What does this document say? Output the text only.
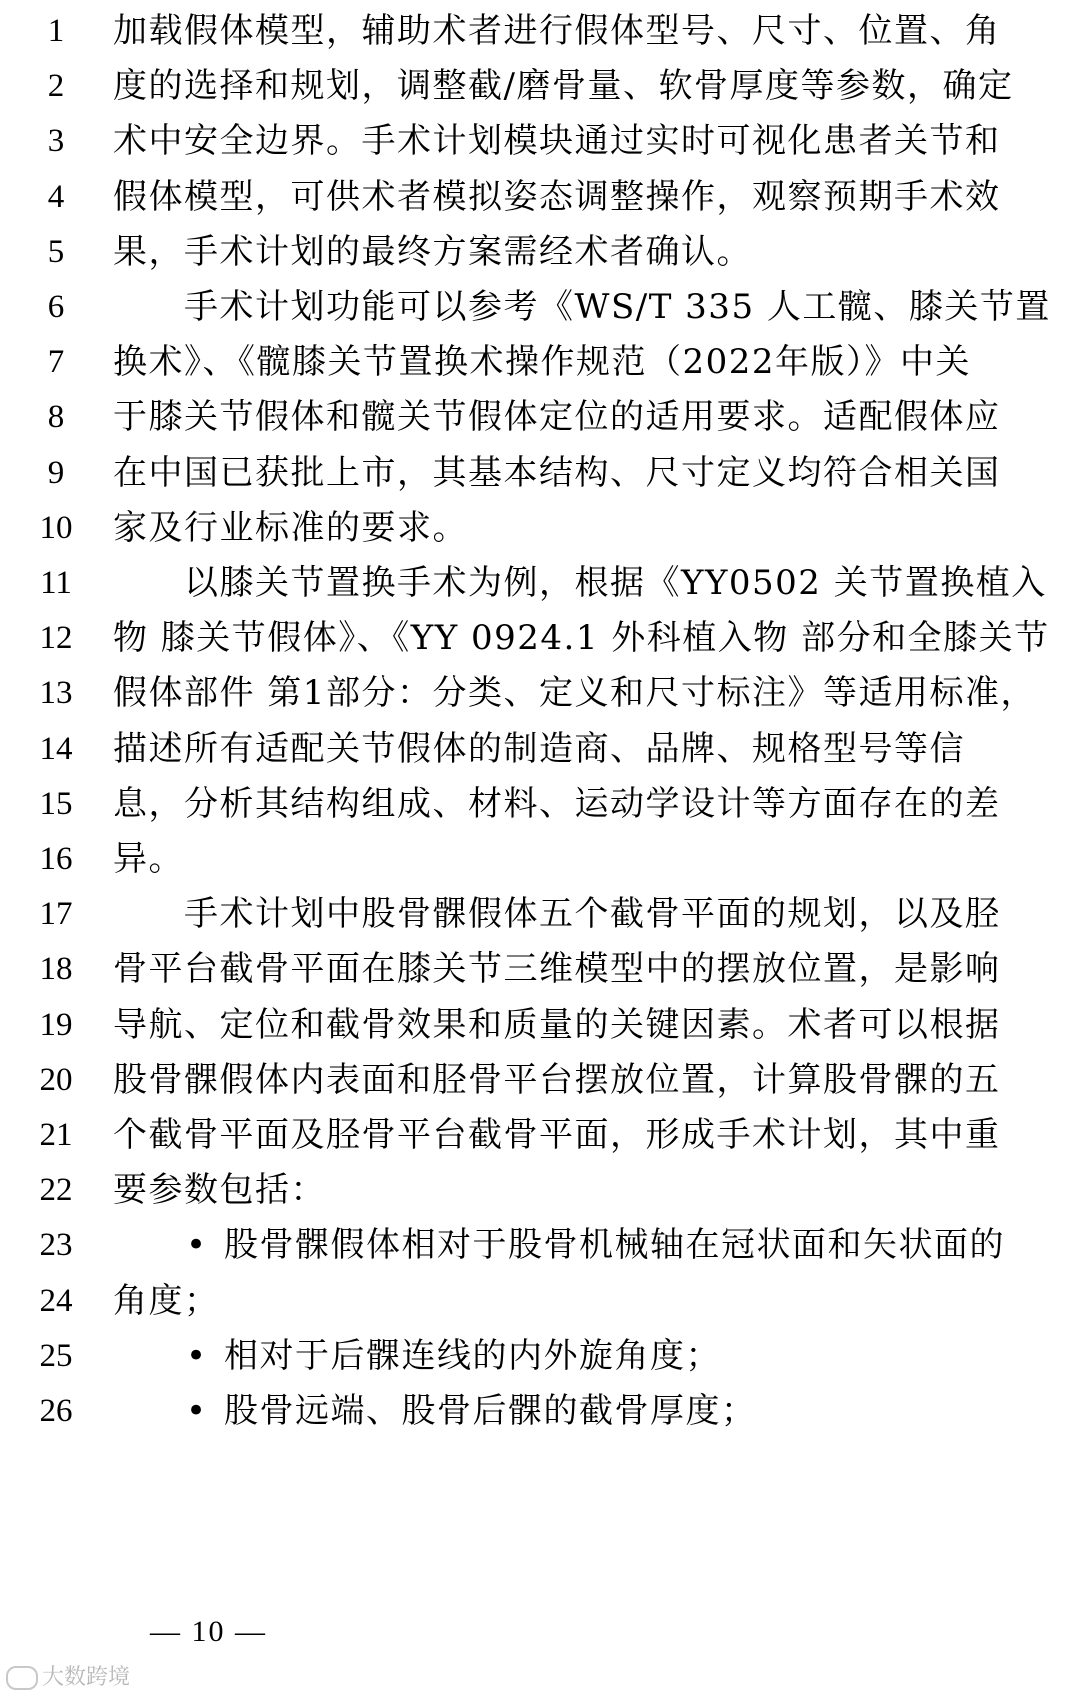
1	加载假体模型，辅助术者进行假体型号、尺寸、位置、角
2	度的选择和规划，调整截/磨骨量、软骨厚度等参数，确定
3	术中安全边界。手术计划模块通过实时可视化患者关节和
4	假体模型，可供术者模拟姿态调整操作，观察预期手术效
5	果，手术计划的最终方案需经术者确认。
6	手术计划功能可以参考《WS/T 335 人工髋、膝关节置
7	换术》、《髋膝关节置换术操作规范（2022年版）》中关
8	于膝关节假体和髋关节假体定位的适用要求。适配假体应
9	在中国已获批上市，其基本结构、尺寸定义均符合相关国
10	家及行业标准的要求。
11	以膝关节置换手术为例，根据《YY0502 关节置换植入
12	物 膝关节假体》、《YY 0924.1 外科植入物 部分和全膝关节
13	假体部件 第1部分：分类、定义和尺寸标注》等适用标准，
14	描述所有适配关节假体的制造商、品牌、规格型号等信
15	息，分析其结构组成、材料、运动学设计等方面存在的差
16	异。
17	手术计划中股骨髁假体五个截骨平面的规划，以及胫
18	骨平台截骨平面在膝关节三维模型中的摆放位置，是影响
19	导航、定位和截骨效果和质量的关键因素。术者可以根据
20	股骨髁假体内表面和胫骨平台摆放位置，计算股骨髁的五
21	个截骨平面及胫骨平台截骨平面，形成手术计划，其中重
22	要参数包括：
23	• 股骨髁假体相对于股骨机械轴在冠状面和矢状面的
24	角度；
25	• 相对于后髁连线的内外旋角度；
26	• 股骨远端、股骨后髁的截骨厚度；
— 10 —
大数跨境
